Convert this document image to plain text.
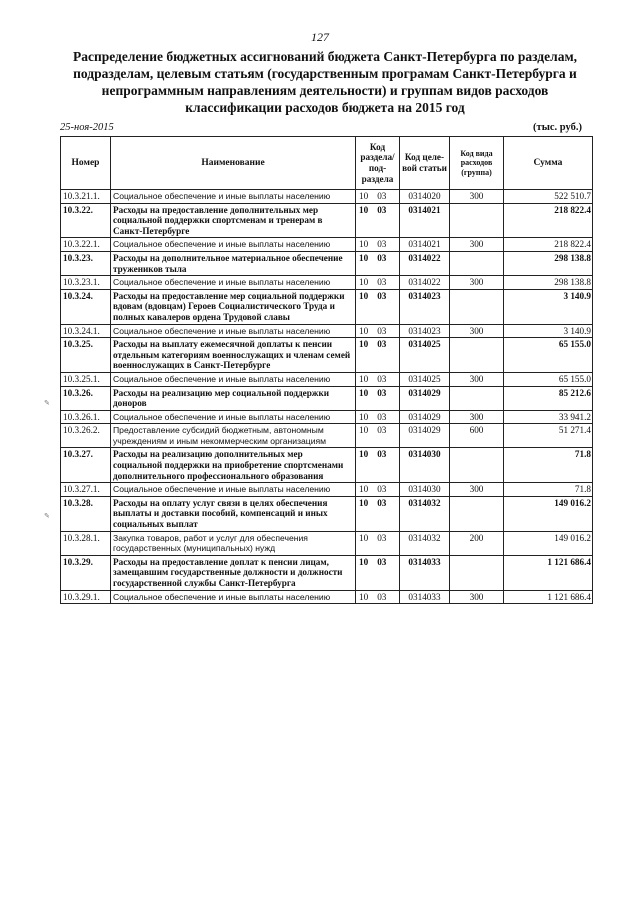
127
Распределение бюджетных ассигнований бюджета Санкт-Петербурга по разделам, подразделам, целевым статьям (государственным програмам Санкт-Петербурга и непрограммным направлениям деятельности) и группам видов расходов классификации расходов бюджета на 2015 год
25-ноя-2015	(тыс. руб.)
✎
✎
Номер	Наименование	Код раздела/ под- раздела	Код целе- вой статьи	Код вида расходов (группа)	Сумма
10.3.21.1.	Социальное обеспечение и иные выплаты населению	10 03	0314020	300	522 510.7
10.3.22.	Расходы на предоставление дополнительных мер социальной поддержки спортсменам и тренерам в Санкт-Петербурге	10 03	0314021		218 822.4
10.3.22.1.	Социальное обеспечение и иные выплаты населению	10 03	0314021	300	218 822.4
10.3.23.	Расходы на дополнительное материальное обеспечение тружеников тыла	10 03	0314022		298 138.8
10.3.23.1.	Социальное обеспечение и иные выплаты населению	10 03	0314022	300	298 138.8
10.3.24.	Расходы на предоставление мер социальной поддержки вдовам (вдовцам) Героев Социалистического Труда и полных кавалеров ордена Трудовой славы	10 03	0314023		3 140.9
10.3.24.1.	Социальное обеспечение и иные выплаты населению	10 03	0314023	300	3 140.9
10.3.25.	Расходы на выплату ежемесячной доплаты к пенсии отдельным категориям военнослужащих и членам семей военнослужащих в Санкт-Петербурге	10 03	0314025		65 155.0
10.3.25.1.	Социальное обеспечение и иные выплаты населению	10 03	0314025	300	65 155.0
10.3.26.	Расходы на реализацию мер социальной поддержки доноров	10 03	0314029		85 212.6
10.3.26.1.	Социальное обеспечение и иные выплаты населению	10 03	0314029	300	33 941.2
10.3.26.2.	Предоставление субсидий бюджетным, автономным учреждениям и иным некоммерческим организациям	10 03	0314029	600	51 271.4
10.3.27.	Расходы на реализацию дополнительных мер социальной поддержки на приобретение спортсменами дополнительного профессионального образования	10 03	0314030		71.8
10.3.27.1.	Социальное обеспечение и иные выплаты населению	10 03	0314030	300	71.8
10.3.28.	Расходы на оплату услуг связи в целях обеспечения выплаты и доставки пособий, компенсаций и иных социальных выплат	10 03	0314032		149 016.2
10.3.28.1.	Закупка товаров, работ и услуг для обеспечения государственных (муниципальных) нужд	10 03	0314032	200	149 016.2
10.3.29.	Расходы на предоставление доплат к пенсии лицам, замещавшим государственные должности и должности государственной службы Санкт-Петербурга	10 03	0314033		1 121 686.4
10.3.29.1.	Социальное обеспечение и иные выплаты населению	10 03	0314033	300	1 121 686.4
